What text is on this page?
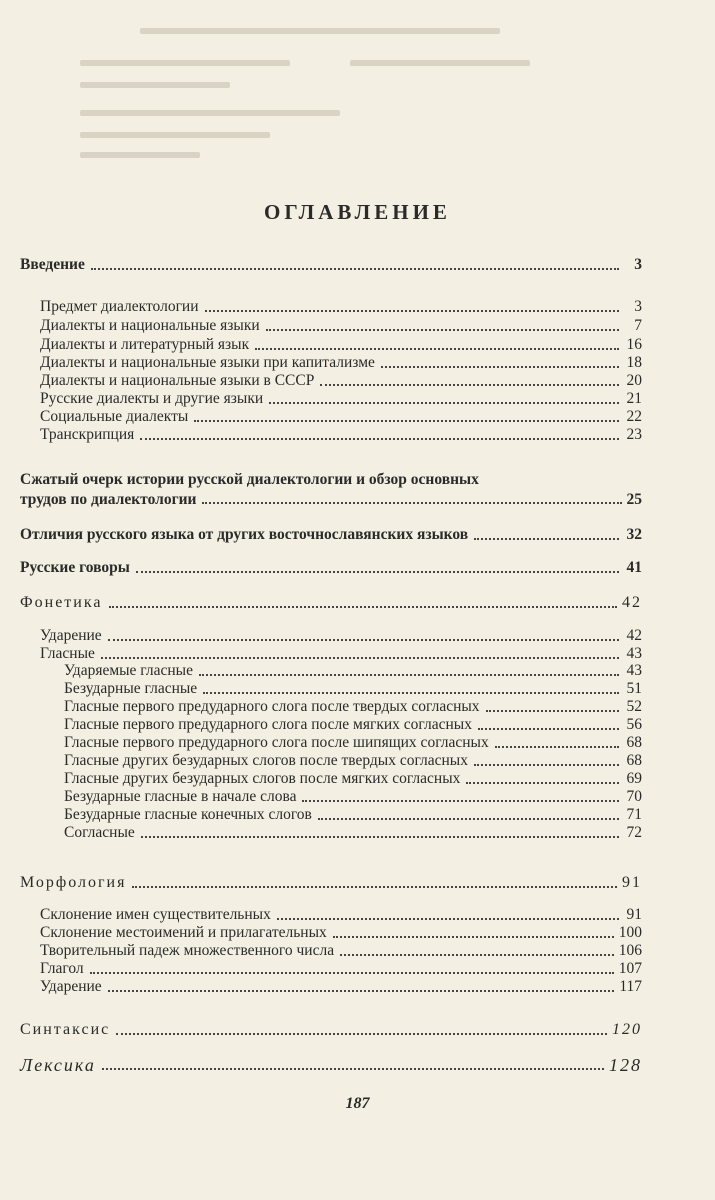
ОГЛАВЛЕНИЕ
Введение	3
Предмет диалектологии	3
Диалекты и национальные языки	7
Диалекты и литературный язык	16
Диалекты и национальные языки при капитализме	18
Диалекты и национальные языки в СССР	20
Русские диалекты и другие языки	21
Социальные диалекты	22
Транскрипция	23
Сжатый очерк истории русской диалектологии и обзор основных
трудов по диалектологии	25
Отличия русского языка от других восточнославянских языков	32
Русские говоры	41
Фонетика	42
Ударение	42
Гласные	43
Ударяемые гласные	43
Безударные гласные	51
Гласные первого предударного слога после твердых согласных	52
Гласные первого предударного слога после мягких согласных	56
Гласные первого предударного слога после шипящих согласных	68
Гласные других безударных слогов после твердых согласных	68
Гласные других безударных слогов после мягких согласных	69
Безударные гласные в начале слова	70
Безударные гласные конечных слогов	71
Согласные	72
Морфология	91
Склонение имен существительных	91
Склонение местоимений и прилагательных	100
Творительный падеж множественного числа	106
Глагол	107
Ударение	117
Синтаксис	120
Лексика	128
187
